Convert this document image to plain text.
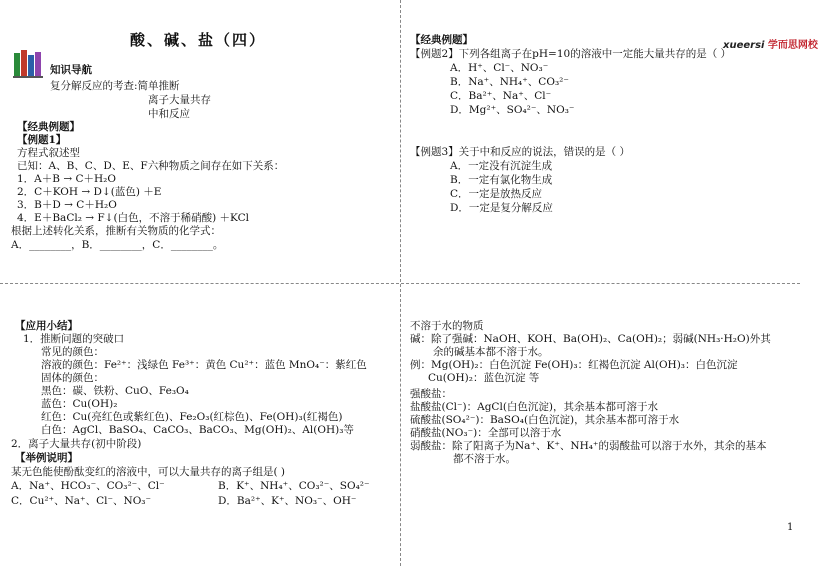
酸、碱、盐（四）
知识导航
复分解反应的考查:简单推断
离子大量共存
中和反应
【经典例题】
【例题1】
方程式叙述型
已知：A、B、C、D、E、F六种物质之间存在如下关系：
1．A＋B → C＋H₂O
2．C＋KOH → D↓(蓝色) ＋E
3．B＋D → C＋H₂O
4．E＋BaCl₂ → F↓(白色，不溶于稀硝酸) ＋KCl
根据上述转化关系，推断有关物质的化学式：
A．________，B．________，C．________。
【经典例题】	xueersi 学而思网校
【例题2】下列各组离子在pH=10的溶液中一定能大量共存的是（ ）
A．H⁺、Cl⁻、NO₃⁻
B．Na⁺、NH₄⁺、CO₃²⁻
C．Ba²⁺、Na⁺、Cl⁻
D．Mg²⁺、SO₄²⁻、NO₃⁻
【例题3】关于中和反应的说法，错误的是（ ）
A．一定没有沉淀生成
B．一定有氯化物生成
C．一定是放热反应
D．一定是复分解反应
【应用小结】
1．推断问题的突破口
常见的颜色：
溶液的颜色：Fe²⁺：浅绿色 Fe³⁺：黄色 Cu²⁺：蓝色 MnO₄⁻：紫红色
固体的颜色：
黑色：碳、铁粉、CuO、Fe₃O₄
蓝色：Cu(OH)₂
红色：Cu(亮红色或紫红色)、Fe₂O₃(红棕色)、Fe(OH)₃(红褐色)
白色：AgCl、BaSO₄、CaCO₃、BaCO₃、Mg(OH)₂、Al(OH)₃等
2．离子大量共存(初中阶段)
【举例说明】
某无色能使酚酞变红的溶液中，可以大量共存的离子组是( )
A．Na⁺、HCO₃⁻、CO₃²⁻、Cl⁻	B．K⁺、NH₄⁺、CO₃²⁻、SO₄²⁻
C．Cu²⁺、Na⁺、Cl⁻、NO₃⁻	D．Ba²⁺、K⁺、NO₃⁻、OH⁻
不溶于水的物质
碱：除了强碱：NaOH、KOH、Ba(OH)₂、Ca(OH)₂；弱碱(NH₃·H₂O)外其
余的碱基本都不溶于水。
例：Mg(OH)₂：白色沉淀 Fe(OH)₃：红褐色沉淀 Al(OH)₃：白色沉淀
Cu(OH)₂：蓝色沉淀 等
强酸盐：
盐酸盐(Cl⁻)：AgCl(白色沉淀)，其余基本都可溶于水
硫酸盐(SO₄²⁻)：BaSO₄(白色沉淀)，其余基本都可溶于水
硝酸盐(NO₃⁻)：全部可以溶于水
弱酸盐：除了阳离子为Na⁺、K⁺、NH₄⁺的弱酸盐可以溶于水外，其余的基本
都不溶于水。
1
